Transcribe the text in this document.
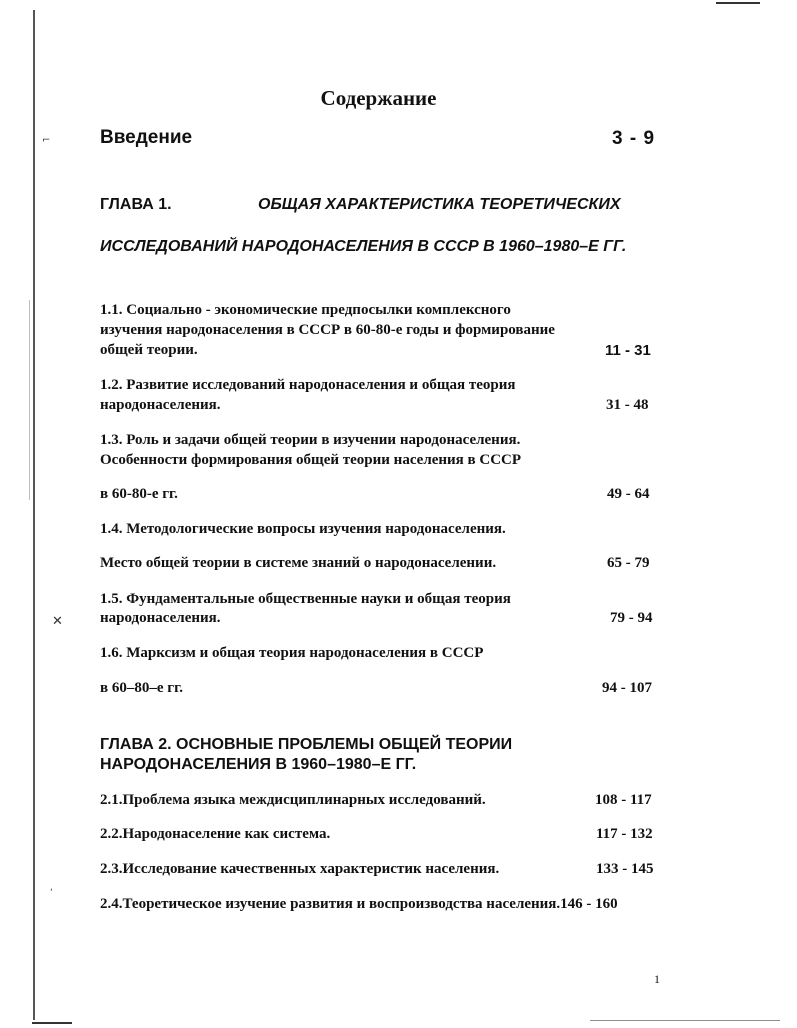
⌐
✕
‘
Содержание
Введение	3 - 9
ГЛАВА 1.	ОБЩАЯ ХАРАКТЕРИСТИКА ТЕОРЕТИЧЕСКИХ
ИССЛЕДОВАНИЙ НАРОДОНАСЕЛЕНИЯ В СССР В 1960–1980–Е ГГ.
1.1. Социально - экономические предпосылки комплексного
изучения народонаселения в СССР в 60-80-е годы и формирование
общей теории.	11 - 31
1.2. Развитие исследований народонаселения и общая теория
народонаселения.	31 - 48
1.3. Роль и задачи общей теории в изучении народонаселения.
Особенности формирования общей теории населения в СССР
в 60-80-е гг.	49 - 64
1.4. Методологические вопросы изучения народонаселения.
Место общей теории в системе знаний о народонаселении.	65 - 79
1.5. Фундаментальные общественные науки и общая теория
народонаселения.	79 - 94
1.6. Марксизм и общая теория народонаселения в СССР
в 60–80–е гг.	94 - 107
ГЛАВА 2. ОСНОВНЫЕ ПРОБЛЕМЫ ОБЩЕЙ ТЕОРИИ
НАРОДОНАСЕЛЕНИЯ В 1960–1980–Е ГГ.
2.1.Проблема языка междисциплинарных исследований.	108 - 117
2.2.Народонаселение как система.	117 - 132
2.3.Исследование качественных характеристик населения.	133 - 145
2.4.Теоретическое изучение развития и воспроизводства населения.146 - 160
1
